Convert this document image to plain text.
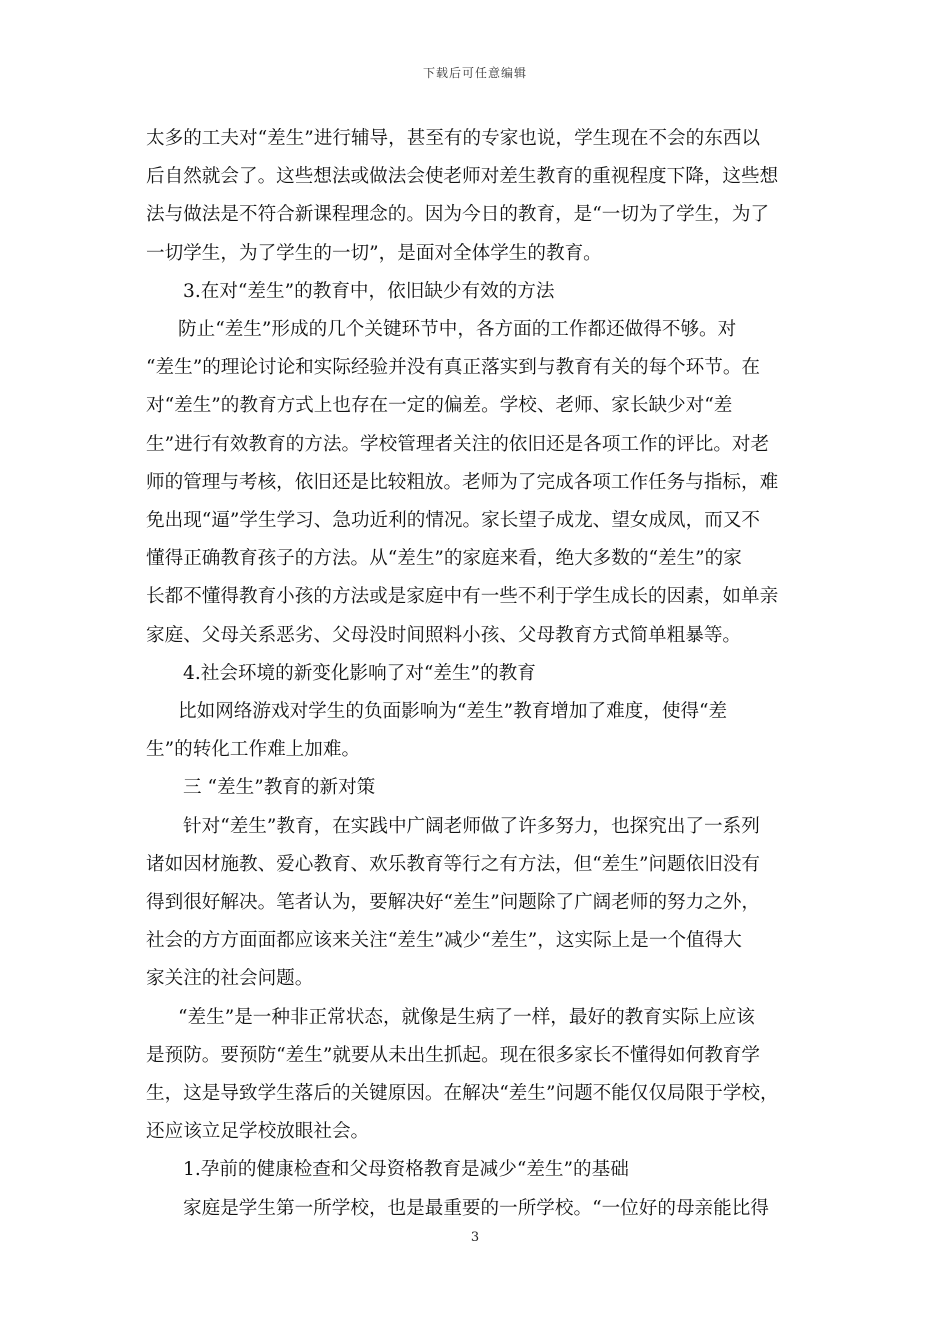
下载后可任意编辑

太多的工夫对“差生”进行辅导，甚至有的专家也说，学生现在不会的东西以
后自然就会了。这些想法或做法会使老师对差生教育的重视程度下降，这些想
法与做法是不符合新课程理念的。因为今日的教育，是“一切为了学生，为了
一切学生，为了学生的一切”，是面对全体学生的教育。

3.在对“差生”的教育中，依旧缺少有效的方法

防止“差生”形成的几个关键环节中，各方面的工作都还做得不够。对
“差生”的理论讨论和实际经验并没有真正落实到与教育有关的每个环节。在
对“差生”的教育方式上也存在一定的偏差。学校、老师、家长缺少对“差
生”进行有效教育的方法。学校管理者关注的依旧还是各项工作的评比。对老
师的管理与考核，依旧还是比较粗放。老师为了完成各项工作任务与指标，难
免出现“逼”学生学习、急功近利的情况。家长望子成龙、望女成凤，而又不
懂得正确教育孩子的方法。从“差生”的家庭来看，绝大多数的“差生”的家
长都不懂得教育小孩的方法或是家庭中有一些不利于学生成长的因素，如单亲
家庭、父母关系恶劣、父母没时间照料小孩、父母教育方式简单粗暴等。

4.社会环境的新变化影响了对“差生”的教育

比如网络游戏对学生的负面影响为“差生”教育增加了难度，使得“差
生”的转化工作难上加难。

三 “差生”教育的新对策

针对“差生”教育，在实践中广阔老师做了许多努力，也探究出了一系列
诸如因材施教、爱心教育、欢乐教育等行之有方法，但“差生”问题依旧没有
得到很好解决。笔者认为，要解决好“差生”问题除了广阔老师的努力之外，
社会的方方面面都应该来关注“差生”减少“差生”，这实际上是一个值得大
家关注的社会问题。

“差生”是一种非正常状态，就像是生病了一样，最好的教育实际上应该
是预防。要预防“差生”就要从未出生抓起。现在很多家长不懂得如何教育学
生，这是导致学生落后的关键原因。在解决“差生”问题不能仅仅局限于学校，
还应该立足学校放眼社会。

1.孕前的健康检查和父母资格教育是减少“差生”的基础

家庭是学生第一所学校，也是最重要的一所学校。“一位好的母亲能比得

3
